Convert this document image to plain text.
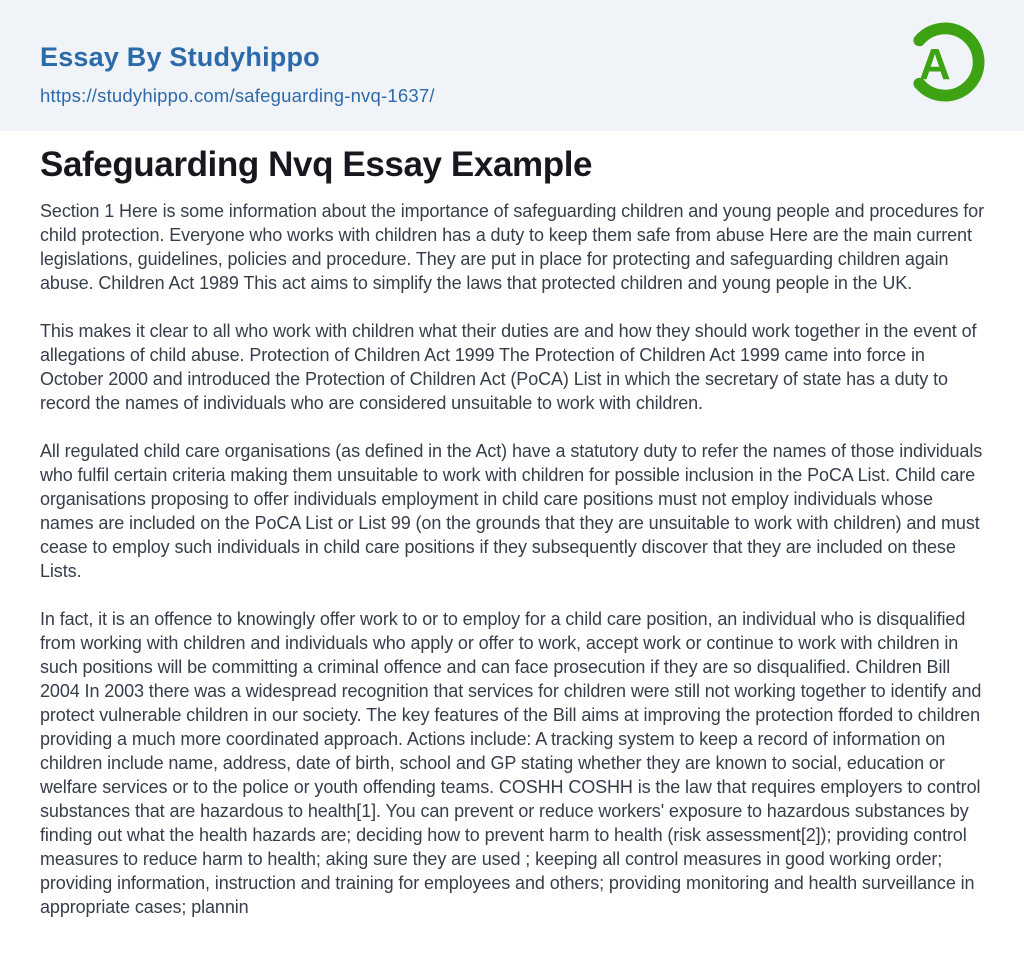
Essay By Studyhippo
https://studyhippo.com/safeguarding-nvq-1637/
A
Safeguarding Nvq Essay Example

Section 1 Here is some information about the importance of safeguarding children and young people and procedures for child protection. Everyone who works with children has a duty to keep them safe from abuse Here are the main current legislations, guidelines, policies and procedure. They are put in place for protecting and safeguarding children again abuse. Children Act 1989 This act aims to simplify the laws that protected children and young people in the UK.

This makes it clear to all who work with children what their duties are and how they should work together in the event of allegations of child abuse. Protection of Children Act 1999 The Protection of Children Act 1999 came into force in October 2000 and introduced the Protection of Children Act (PoCA) List in which the secretary of state has a duty to record the names of individuals who are considered unsuitable to work with children.

All regulated child care organisations (as defined in the Act) have a statutory duty to refer the names of those individuals who fulfil certain criteria making them unsuitable to work with children for possible inclusion in the PoCA List. Child care organisations proposing to offer individuals employment in child care positions must not employ individuals whose names are included on the PoCA List or List 99 (on the grounds that they are unsuitable to work with children) and must cease to employ such individuals in child care positions if they subsequently discover that they are included on these Lists.

In fact, it is an offence to knowingly offer work to or to employ for a child care position, an individual who is disqualified from working with children and individuals who apply or offer to work, accept work or continue to work with children in such positions will be committing a criminal offence and can face prosecution if they are so disqualified. Children Bill 2004 In 2003 there was a widespread recognition that services for children were still not working together to identify and protect vulnerable children in our society. The key features of the Bill aims at improving the protection fforded to children providing a much more coordinated approach. Actions include: A tracking system to keep a record of information on children include name, address, date of birth, school and GP stating whether they are known to social, education or welfare services or to the police or youth offending teams. COSHH COSHH is the law that requires employers to control substances that are hazardous to health[1]. You can prevent or reduce workers' exposure to hazardous substances by finding out what the health hazards are; deciding how to prevent harm to health (risk assessment[2]); providing control measures to reduce harm to health; aking sure they are used ; keeping all control measures in good working order; providing information, instruction and training for employees and others; providing monitoring and health surveillance in appropriate cases; plannin
